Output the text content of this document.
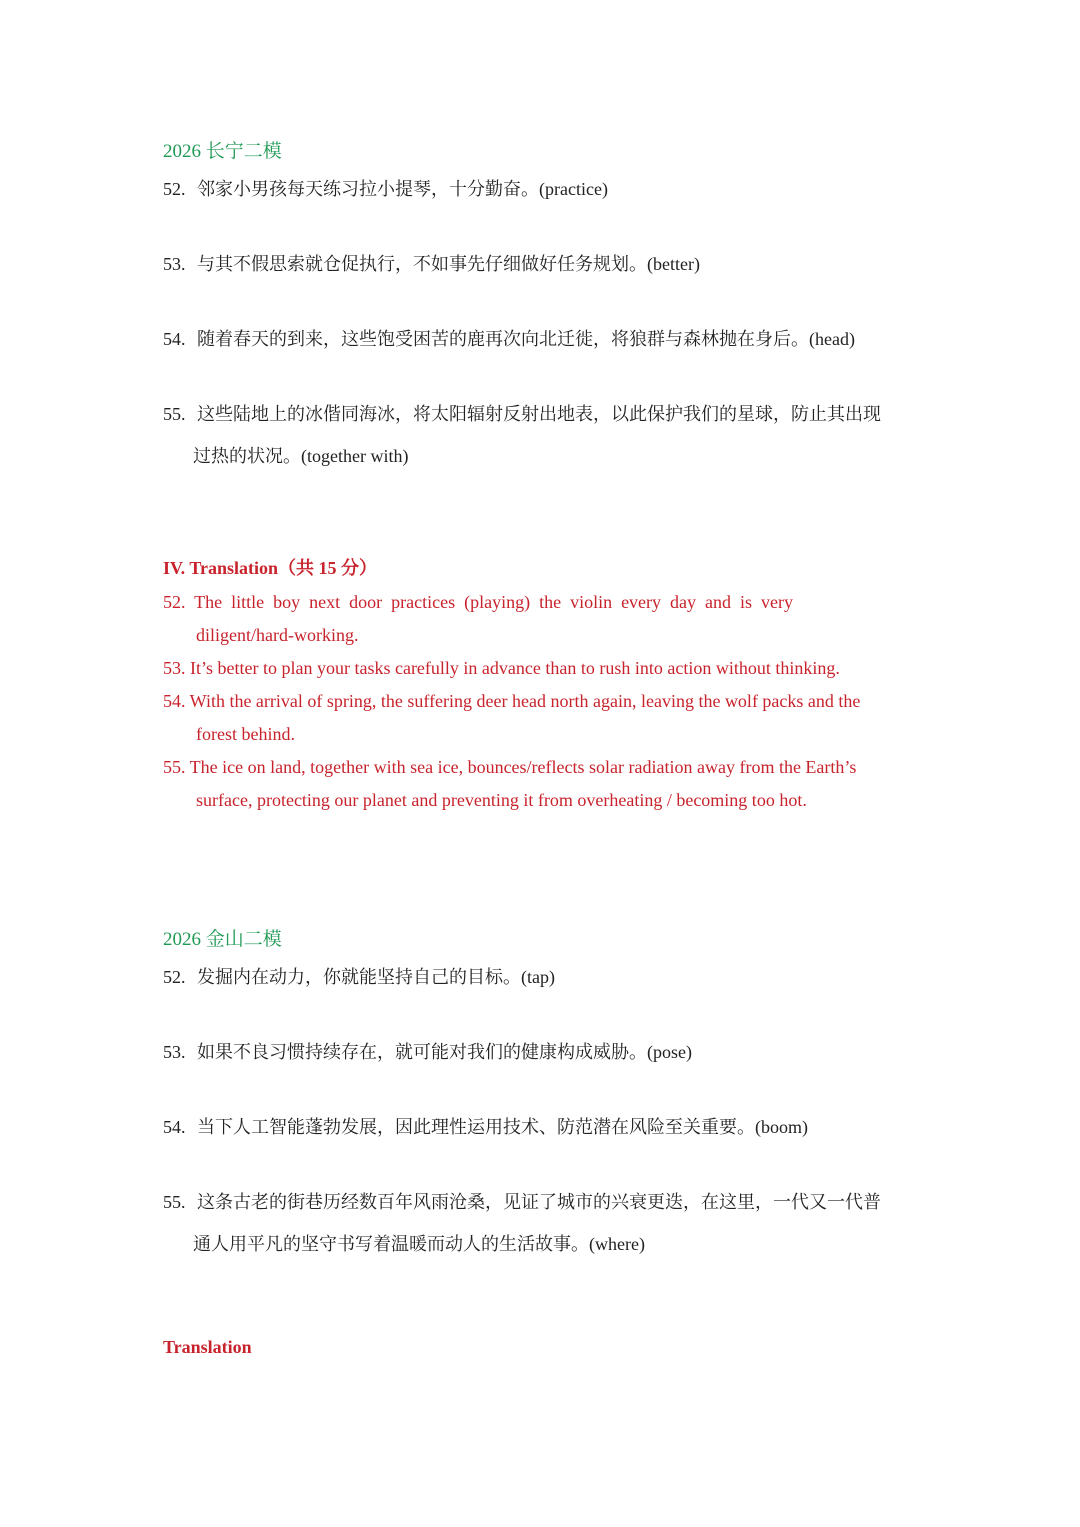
2026 长宁二模
52. 邻家小男孩每天练习拉小提琴，十分勤奋。(practice)
53. 与其不假思索就仓促执行，不如事先仔细做好任务规划。(better)
54. 随着春天的到来，这些饱受困苦的鹿再次向北迁徙，将狼群与森林抛在身后。(head)
55. 这些陆地上的冰偕同海冰，将太阳辐射反射出地表，以此保护我们的星球，防止其出现
过热的状况。(together with)
IV. Translation（共 15 分）
52.  The  little  boy  next  door  practices  (playing)  the  violin  every  day  and  is  very
diligent/hard-working.
53. It’s better to plan your tasks carefully in advance than to rush into action without thinking.
54. With the arrival of spring, the suffering deer head north again, leaving the wolf packs and the
forest behind.
55. The ice on land, together with sea ice, bounces/reflects solar radiation away from the Earth’s
surface, protecting our planet and preventing it from overheating / becoming too hot.
2026 金山二模
52. 发掘内在动力，你就能坚持自己的目标。(tap)
53. 如果不良习惯持续存在，就可能对我们的健康构成威胁。(pose)
54. 当下人工智能蓬勃发展，因此理性运用技术、防范潜在风险至关重要。(boom)
55. 这条古老的街巷历经数百年风雨沧桑，见证了城市的兴衰更迭，在这里，一代又一代普
通人用平凡的坚守书写着温暖而动人的生活故事。(where)
Translation
